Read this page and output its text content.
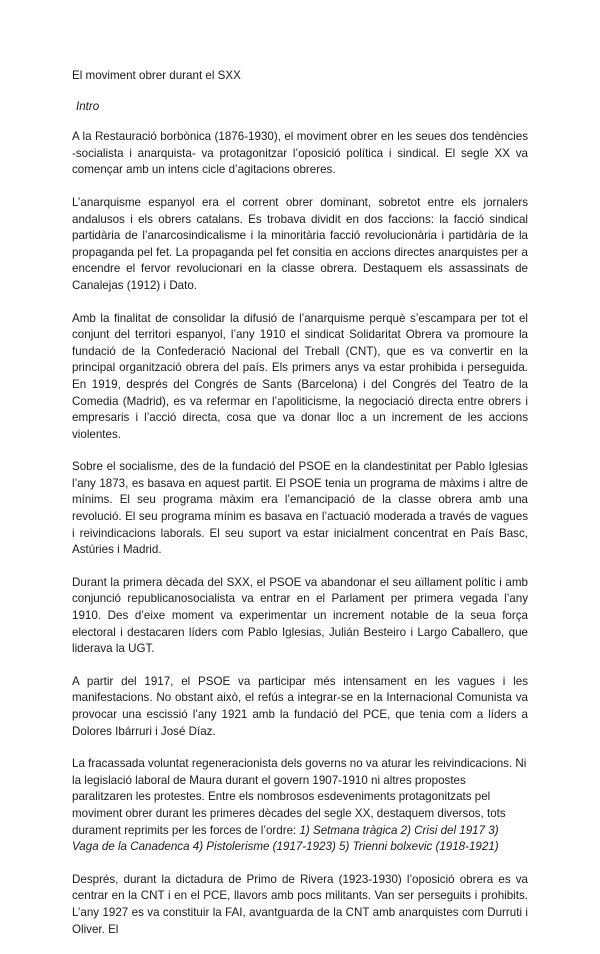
El moviment obrer durant el SXX
Intro

A la Restauració borbònica (1876-1930), el moviment obrer en les seues dos tendències -socialista i anarquista- va protagonitzar l’oposició política i sindical. El segle XX va començar amb un intens cicle d’agitacions obreres.

L’anarquisme espanyol era el corrent obrer dominant, sobretot entre els jornalers andalusos i els obrers catalans. Es trobava dividit en dos faccions: la facció sindical partidària de l’anarcosindicalisme i la minoritària facció revolucionària i partidària de la propaganda pel fet. La propaganda pel fet consitia en accions directes anarquistes per a encendre el fervor revolucionari en la classe obrera. Destaquem els assassinats de Canalejas (1912) i Dato.

Amb la finalitat de consolidar la difusió de l’anarquisme perquè s’escampara per tot el conjunt del territori espanyol, l’any 1910 el sindicat Solidaritat Obrera va promoure la fundació de la Confederació Nacional del Treball (CNT), que es va convertir en la principal organització obrera del país. Els primers anys va estar prohibida i perseguida. En 1919, després del Congrés de Sants (Barcelona) i del Congrés del Teatro de la Comedia (Madrid), es va refermar en l’apoliticisme, la negociació directa entre obrers i empresaris i l’acció directa, cosa que va donar lloc a un increment de les accions violentes.

Sobre el socialisme, des de la fundació del PSOE en la clandestinitat per Pablo Iglesias l’any 1873, es basava en aquest partit. El PSOE tenia un programa de màxims i altre de mínims. El seu programa màxim era l’emancipació de la classe obrera amb una revolució. El seu programa mínim es basava en l’actuació moderada a través de vagues i reivindicacions laborals. El seu suport va estar inicialment concentrat en País Basc, Astúries i Madrid.

Durant la primera dècada del SXX, el PSOE va abandonar el seu aïllament polític i amb conjunció republicanosocialista va entrar en el Parlament per primera vegada l’any 1910. Des d’eixe moment va experimentar un increment notable de la seua força electoral i destacaren líders com Pablo Iglesias, Julián Besteiro i Largo Caballero, que liderava la UGT.

A partir del 1917, el PSOE va participar més intensament en les vagues i les manifestacions. No obstant això, el refús a integrar-se en la Internacional Comunista va provocar una escissió l’any 1921 amb la fundació del PCE, que tenia com a líders a Dolores Ibárruri i José Díaz.

La fracassada voluntat regeneracionista dels governs no va aturar les reivindicacions. Ni la legislació laboral de Maura durant el govern 1907-1910 ni altres propostes paralitzaren les protestes. Entre els nombrosos esdeveniments protagonitzats pel moviment obrer durant les primeres dècades del segle XX, destaquem diversos, tots durament reprimits per les forces de l’ordre: 1) Setmana tràgica 2) Crisi del 1917 3) Vaga de la Canadenca 4) Pistolerisme (1917-1923) 5) Trienni bolxevic (1918-1921)

Després, durant la dictadura de Primo de Rivera (1923-1930) l’oposició obrera es va centrar en la CNT i en el PCE, llavors amb pocs militants. Van ser perseguits i prohibits. L’any 1927 es va constituir la FAI, avantguarda de la CNT amb anarquistes com Durruti i Oliver. El
